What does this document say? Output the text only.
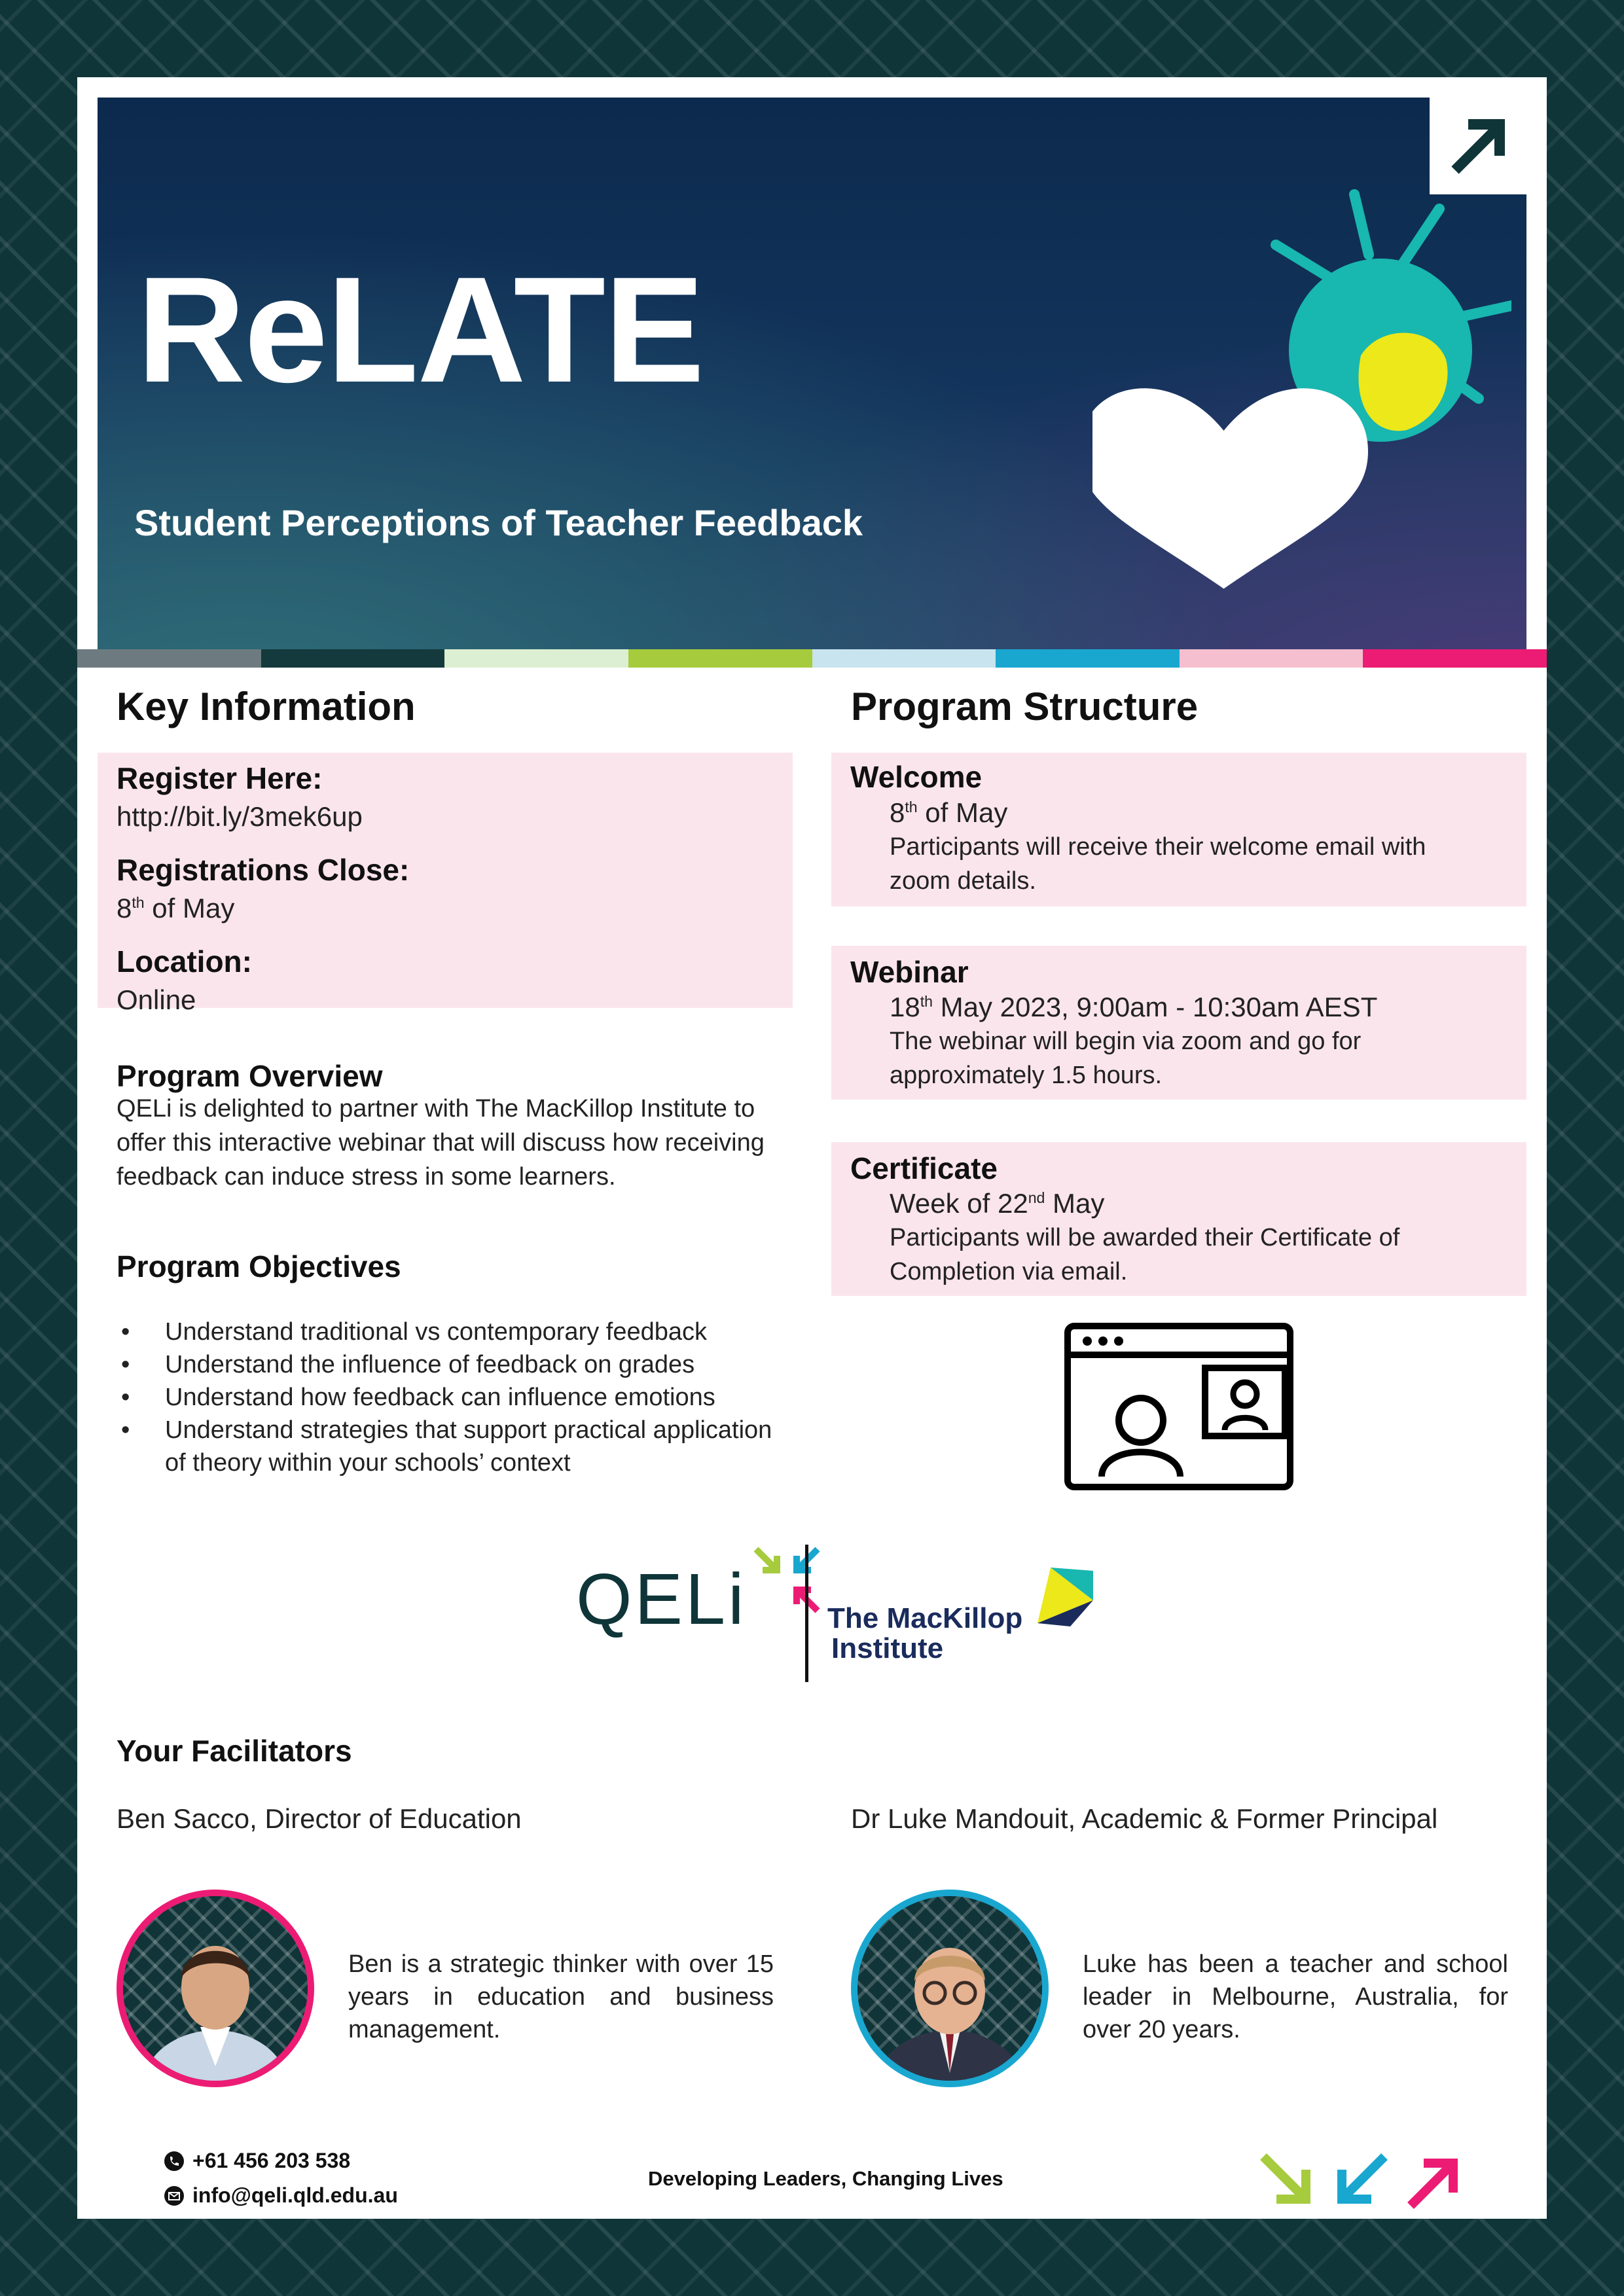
ReLATE

Student Perceptions of Teacher Feedback

Key Information

Register Here:

http://bit.ly/3mek6up

Registrations Close:

8th of May

Location:

Online

Program Overview

QELi is delighted to partner with The MacKillop Institute to offer this interactive webinar that will discuss how receiving feedback can induce stress in some learners.

Program Objectives

• Understand traditional vs contemporary feedback
• Understand the influence of feedback on grades
• Understand how feedback can influence emotions
• Understand strategies that support practical application of theory within your schools’ context
Program Structure

Welcome

8th of May

Participants will receive their welcome email with zoom details.

Webinar

18th May 2023, 9:00am - 10:30am AEST

The webinar will begin via zoom and go for approximately 1.5 hours.

Certificate

Week of 22nd May

Participants will be awarded their Certificate of Completion via email.

QELi	The MacKillop
Institute

Your Facilitators

Ben Sacco, Director of Education	Dr Luke Mandouit, Academic & Former Principal

Ben is a strategic thinker with over 15 years in education and business management.

Luke has been a teacher and school leader in Melbourne, Australia, for over 20 years.

+61 456 203 538
info@qeli.qld.edu.au

Developing Leaders, Changing Lives
